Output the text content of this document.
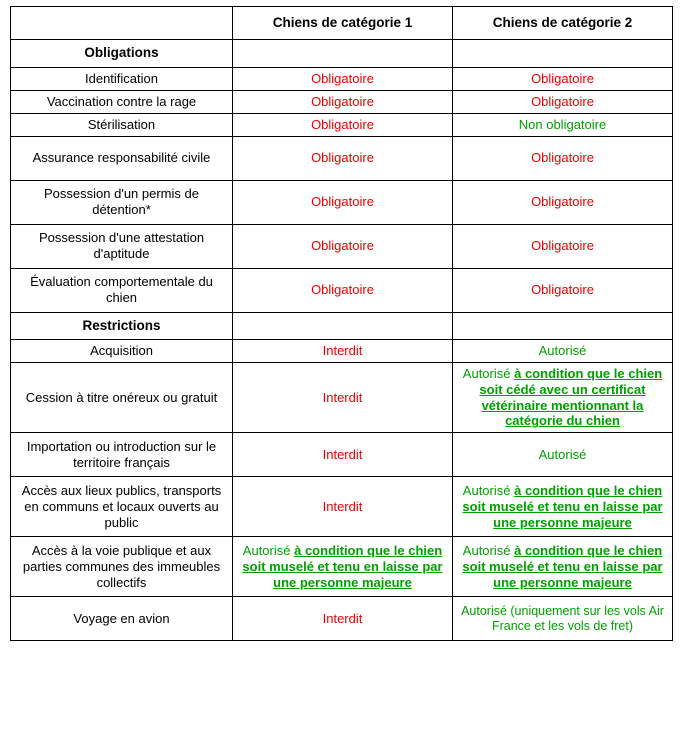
	Chiens de catégorie 1	Chiens de catégorie 2
Obligations		
Identification	Obligatoire	Obligatoire
Vaccination contre la rage	Obligatoire	Obligatoire
Stérilisation	Obligatoire	Non obligatoire
Assurance responsabilité civile	Obligatoire	Obligatoire
Possession d'un permis de détention*	Obligatoire	Obligatoire
Possession d'une attestation d'aptitude	Obligatoire	Obligatoire
Évaluation comportementale du chien	Obligatoire	Obligatoire
Restrictions		
Acquisition	Interdit	Autorisé
Cession à titre onéreux ou gratuit	Interdit	Autorisé à condition que le chien soit cédé avec un certificat vétérinaire mentionnant la catégorie du chien
Importation ou introduction sur le territoire français	Interdit	Autorisé
Accès aux lieux publics, transports en communs et locaux ouverts au public	Interdit	Autorisé à condition que le chien soit muselé et tenu en laisse par une personne majeure
Accès à la voie publique et aux parties communes des immeubles collectifs	Autorisé à condition que le chien soit muselé et tenu en laisse par une personne majeure	Autorisé à condition que le chien soit muselé et tenu en laisse par une personne majeure
Voyage en avion	Interdit	Autorisé (uniquement sur les vols Air France et les vols de fret)
